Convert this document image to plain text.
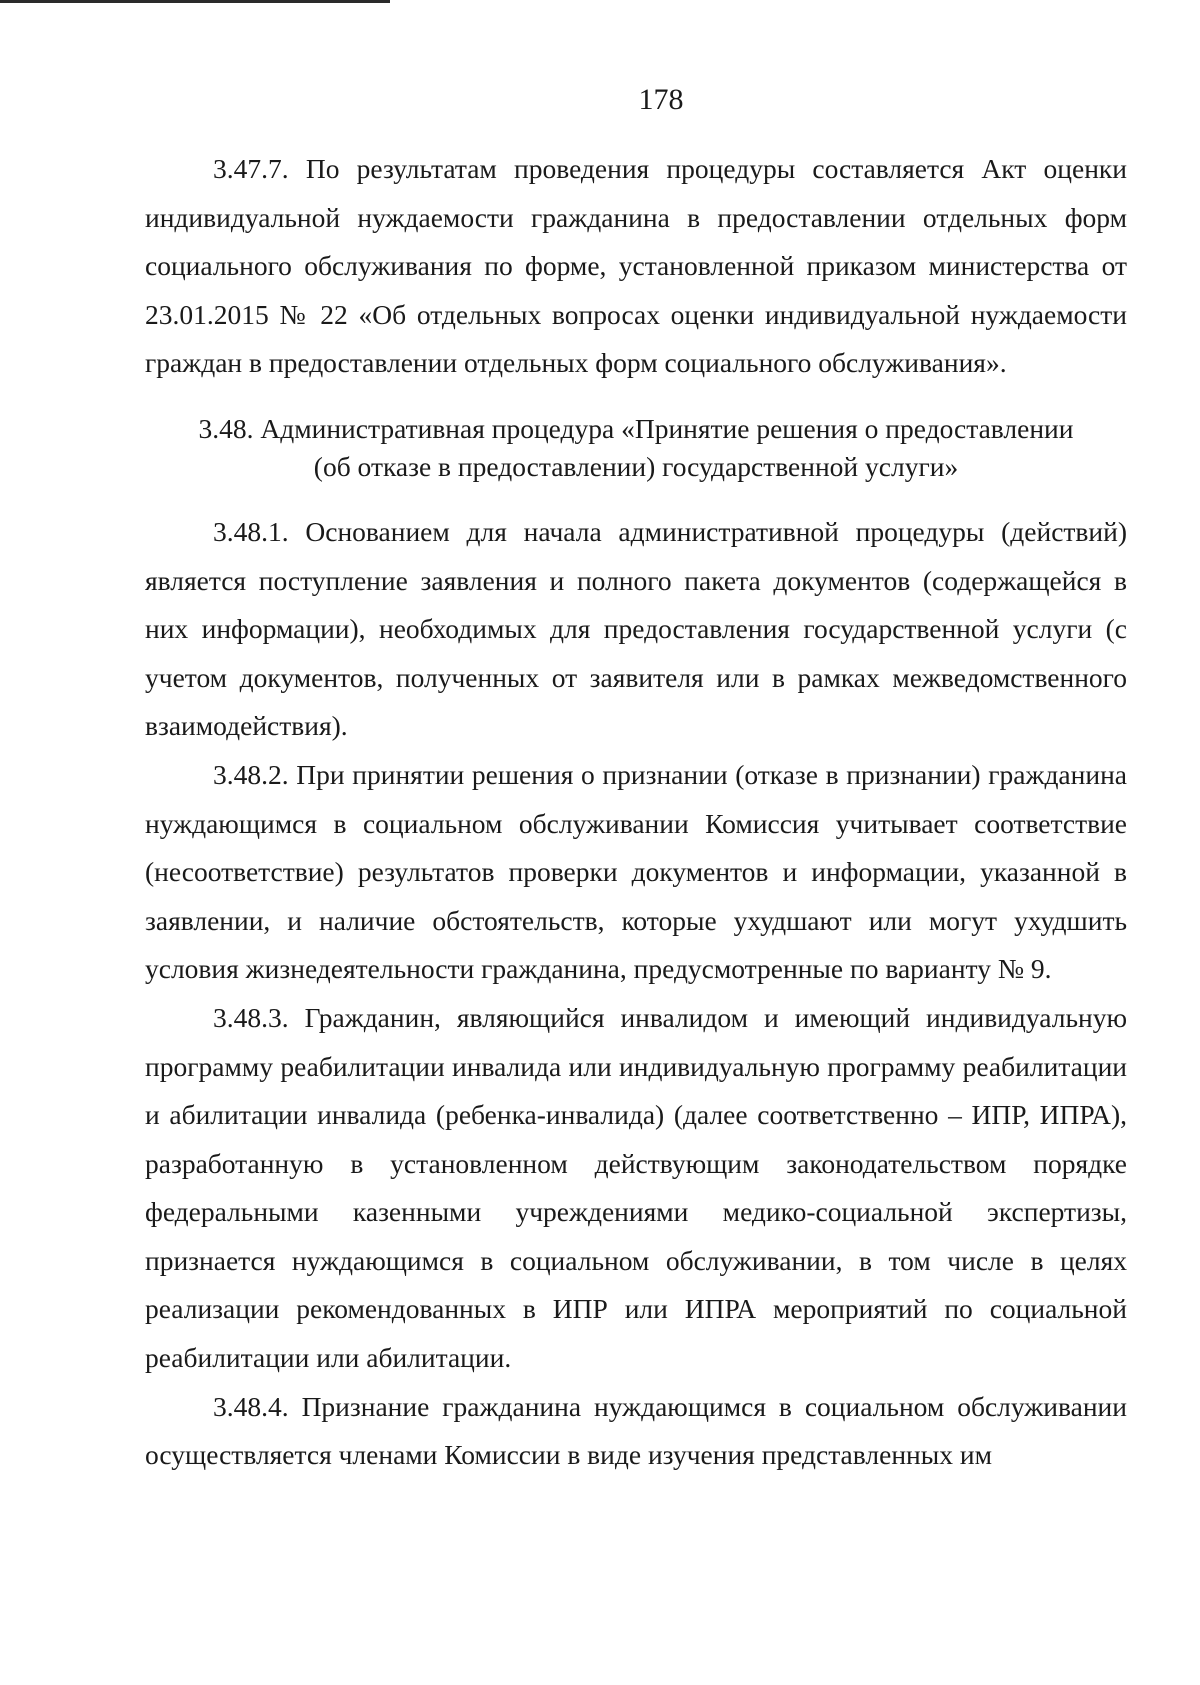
178

3.47.7. По результатам проведения процедуры составляется Акт оценки индивидуальной нуждаемости гражданина в предоставлении отдельных форм социального обслуживания по форме, установленной приказом министерства от 23.01.2015 № 22 «Об отдельных вопросах оценки индивидуальной нуждаемости граждан в предоставлении отдельных форм социального обслуживания».

3.48. Административная процедура «Принятие решения о предоставлении
(об отказе в предоставлении) государственной услуги»

3.48.1. Основанием для начала административной процедуры (действий) является поступление заявления и полного пакета документов (содержащейся в них информации), необходимых для предоставления государственной услуги (с учетом документов, полученных от заявителя или в рамках межведомственного взаимодействия).

3.48.2. При принятии решения о признании (отказе в признании) гражданина нуждающимся в социальном обслуживании Комиссия учитывает соответствие (несоответствие) результатов проверки документов и информации, указанной в заявлении, и наличие обстоятельств, которые ухудшают или могут ухудшить условия жизнедеятельности гражданина, предусмотренные по варианту № 9.

3.48.3. Гражданин, являющийся инвалидом и имеющий индивидуальную программу реабилитации инвалида или индивидуальную программу реабилитации и абилитации инвалида (ребенка-инвалида) (далее соответственно – ИПР, ИПРА), разработанную в установленном действующим законодательством порядке федеральными казенными учреждениями медико-социальной экспертизы, признается нуждающимся в социальном обслуживании, в том числе в целях реализации рекомендованных в ИПР или ИПРА мероприятий по социальной реабилитации или абилитации.

3.48.4. Признание гражданина нуждающимся в социальном обслуживании осуществляется членами Комиссии в виде изучения представленных им
